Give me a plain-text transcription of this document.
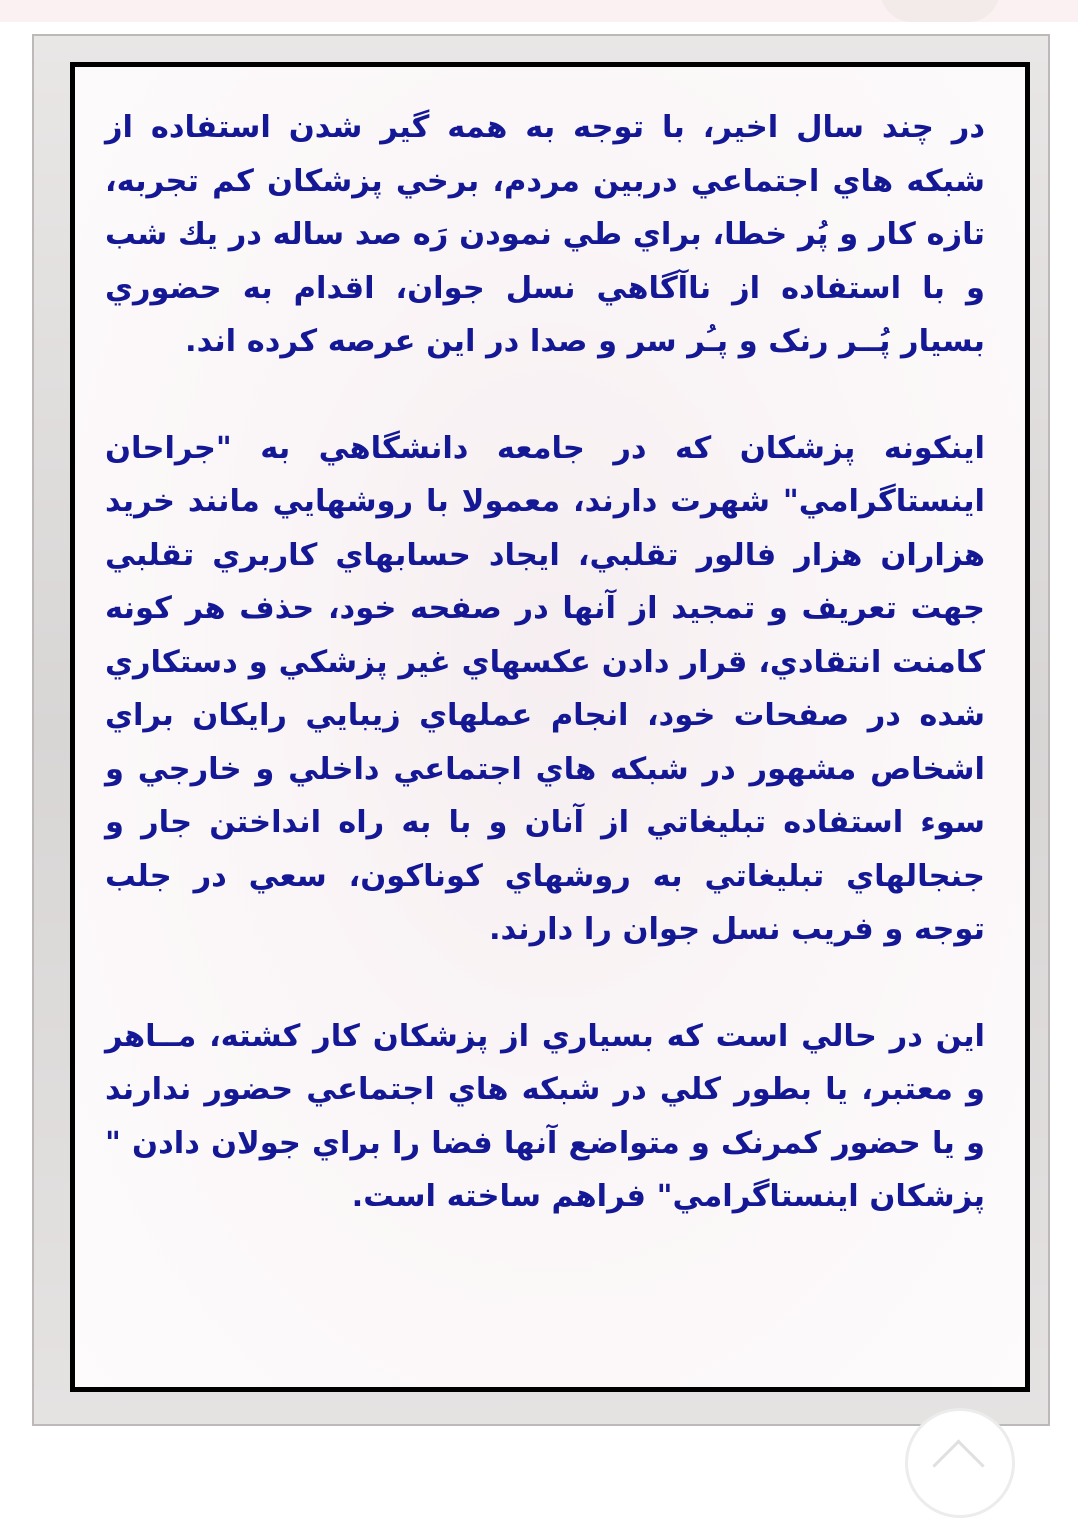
در چند سال اخير، با توجه به همه گير شدن استفاده از شبكه هاي اجتماعي دربين مردم، برخي پزشكان كم تجربه، تازه كار و پُر خطا، براي طي نمودن رَه صد ساله در يك شب و با استفاده از ناآگاهي نسل جوان، اقدام به حضوري بسيار پُــر رنک و پـُر سر و صدا در اين عرصه كرده اند.

اينكونه پزشكان كه در جامعه دانشگاهي به "جراحان اينستاگرامي" شهرت دارند، معمولا با روشهايي مانند خريد هزاران هزار فالور تقلبي، ايجاد حسابهاي كاربري تقلبي جهت تعريف و تمجيد از آنها در صفحه خود، حذف هر كونه كامنت انتقادي، قرار دادن عكسهاي غير پزشكي و دستكاري شده در صفحات خود، انجام عملهاي زيبايي رايكان براي اشخاص مشهور در شبكه هاي اجتماعي داخلي و خارجي و سوء استفاده تبليغاتي از آنان و با به راه انداختن جار و جنجالهاي تبليغاتي به روشهاي كوناكون، سعي در جلب توجه و فريب نسل جوان را دارند.

اين در حالي است كه بسياري از پزشكان كار كشته، مــاهر و معتبر، يا بطور كلي در شبكه هاي اجتماعي حضور ندارند و يا حضور كمرنک و متواضع آنها فضا را براي جولان دادن " پزشكان اينستاگرامي" فراهم ساخته است.
